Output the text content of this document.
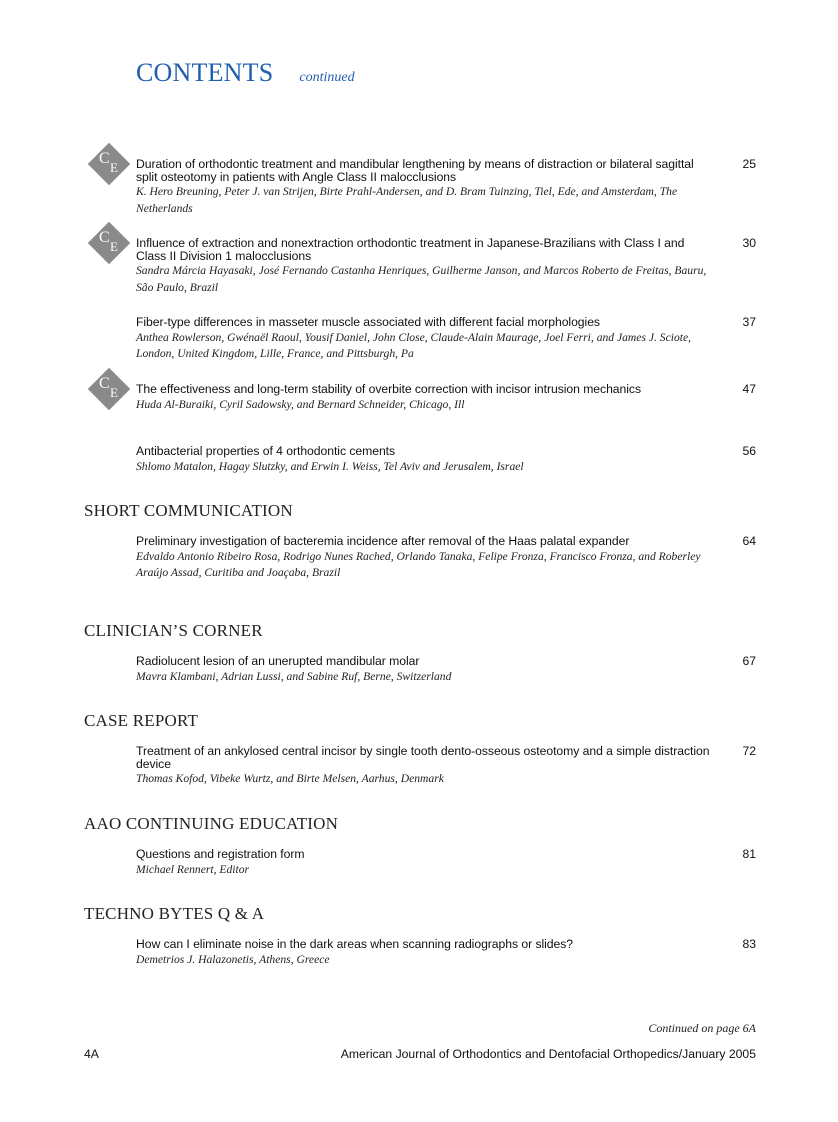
CONTENTS continued
C
E Duration of orthodontic treatment and mandibular lengthening by means of distraction or bilateral sagittal split osteotomy in patients with Angle Class II malocclusions
25
K. Hero Breuning, Peter J. van Strijen, Birte Prahl-Andersen, and D. Bram Tuinzing, Tiel, Ede, and Amsterdam, The Netherlands
C
E Influence of extraction and nonextraction orthodontic treatment in Japanese-Brazilians with Class I and Class II Division 1 malocclusions
30
Sandra Márcia Hayasaki, José Fernando Castanha Henriques, Guilherme Janson, and Marcos Roberto de Freitas, Bauru, São Paulo, Brazil
Fiber-type differences in masseter muscle associated with different facial morphologies	37
Anthea Rowlerson, Gwénaël Raoul, Yousif Daniel, John Close, Claude-Alain Maurage, Joel Ferri, and James J. Sciote, London, United Kingdom, Lille, France, and Pittsburgh, Pa
C
E The effectiveness and long-term stability of overbite correction with incisor intrusion mechanics	47
Huda Al-Buraiki, Cyril Sadowsky, and Bernard Schneider, Chicago, Ill
Antibacterial properties of 4 orthodontic cements	56
Shlomo Matalon, Hagay Slutzky, and Erwin I. Weiss, Tel Aviv and Jerusalem, Israel
SHORT COMMUNICATION
Preliminary investigation of bacteremia incidence after removal of the Haas palatal expander	64
Edvaldo Antonio Ribeiro Rosa, Rodrigo Nunes Rached, Orlando Tanaka, Felipe Fronza, Francisco Fronza, and Roberley Araújo Assad, Curitiba and Joaçaba, Brazil
CLINICIAN’S CORNER
Radiolucent lesion of an unerupted mandibular molar	67
Mavra Klambani, Adrian Lussi, and Sabine Ruf, Berne, Switzerland
CASE REPORT
Treatment of an ankylosed central incisor by single tooth dento-osseous osteotomy and a simple distraction device
72
Thomas Kofod, Vibeke Wurtz, and Birte Melsen, Aarhus, Denmark
AAO CONTINUING EDUCATION
Questions and registration form	81
Michael Rennert, Editor
TECHNO BYTES Q & A
How can I eliminate noise in the dark areas when scanning radiographs or slides?	83
Demetrios J. Halazonetis, Athens, Greece
Continued on page 6A
4A	American Journal of Orthodontics and Dentofacial Orthopedics/January 2005
